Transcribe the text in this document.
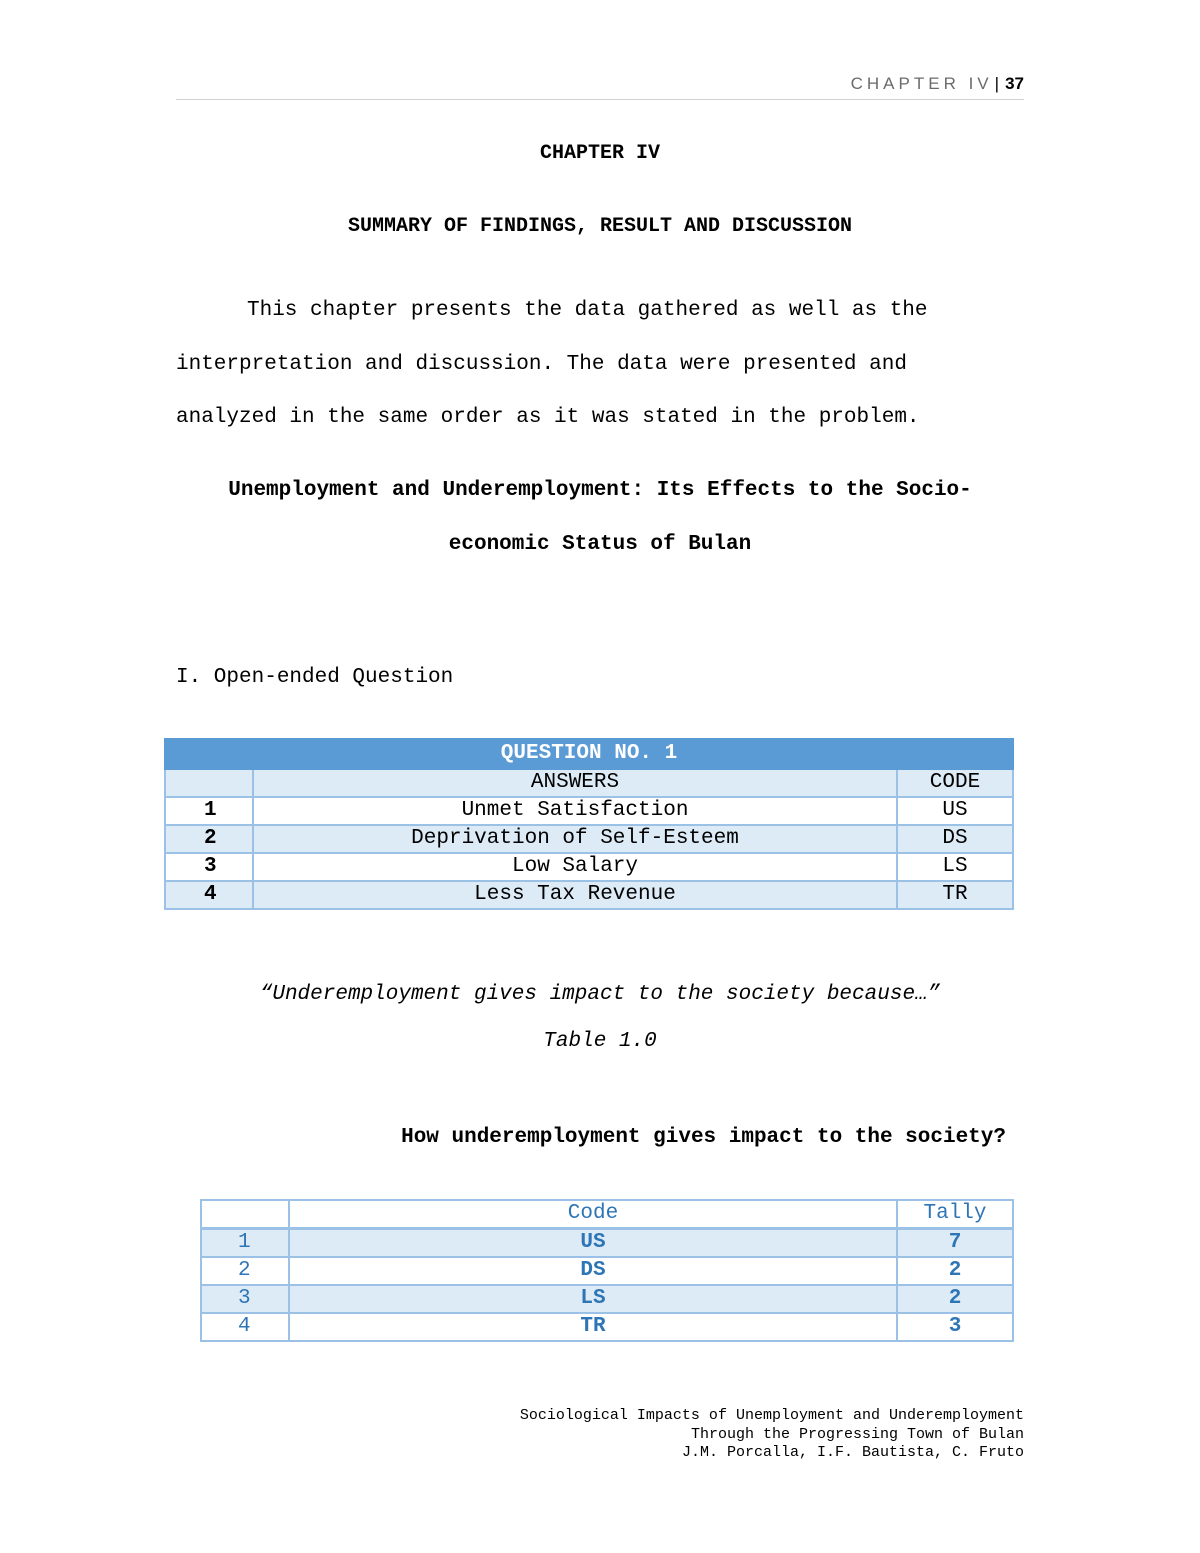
CHAPTER IV | 37
CHAPTER IV
SUMMARY OF FINDINGS, RESULT AND DISCUSSION
This chapter presents the data gathered as well as the
interpretation and discussion. The data were presented and
analyzed in the same order as it was stated in the problem.
Unemployment and Underemployment: Its Effects to the Socio-
economic Status of Bulan
I. Open-ended Question
QUESTION NO. 1		
	ANSWERS	CODE
1	Unmet Satisfaction	US
2	Deprivation of Self-Esteem	DS
3	Low Salary	LS
4	Less Tax Revenue	TR
“Underemployment gives impact to the society because…”
Table 1.0
How underemployment gives impact to the society?
	Code	Tally
1	US	7
2	DS	2
3	LS	2
4	TR	3
Sociological Impacts of Unemployment and Underemployment
Through the Progressing Town of Bulan
J.M. Porcalla, I.F. Bautista, C. Fruto
